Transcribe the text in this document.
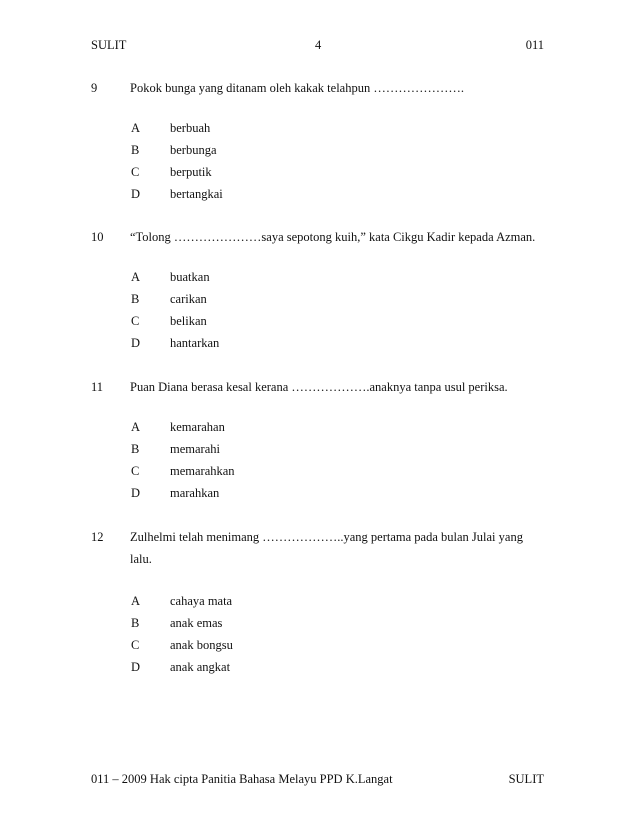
SULIT	4	011
9	Pokok bunga yang ditanam oleh kakak telahpun ………………….
A berbuah
B berbunga
C berputik
D bertangkai
10 “Tolong …………………saya sepotong kuih,” kata Cikgu Kadir kepada Azman.
A buatkan
B carikan
C belikan
D hantarkan
11 Puan Diana berasa kesal kerana ……………….anaknya tanpa usul periksa.
A kemarahan
B memarahi
C memarahkan
D marahkan
12 Zulhelmi telah menimang ………………..yang pertama pada bulan Julai yang lalu.
A cahaya mata
B anak emas
C anak bongsu
D anak angkat
011 – 2009 Hak cipta Panitia Bahasa Melayu PPD K.Langat	SULIT
